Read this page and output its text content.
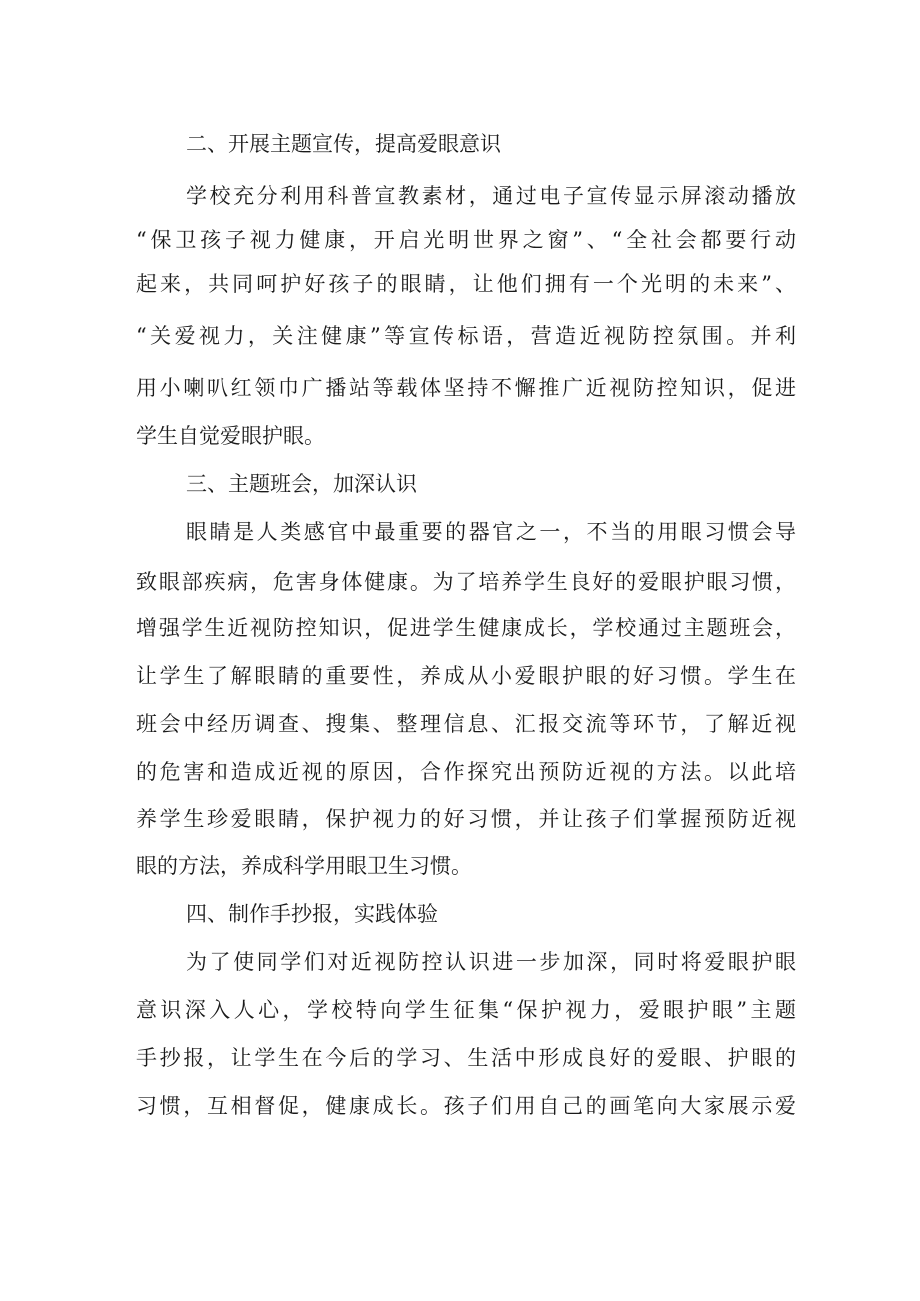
二、开展主题宣传，提高爱眼意识

学校充分利用科普宣教素材，通过电子宣传显示屏滚动播放

“保卫孩子视力健康，开启光明世界之窗”、“全社会都要行动

起来，共同呵护好孩子的眼睛，让他们拥有一个光明的未来”、

“关爱视力，关注健康”等宣传标语，营造近视防控氛围。并利

用小喇叭红领巾广播站等载体坚持不懈推广近视防控知识，促进

学生自觉爱眼护眼。

三、主题班会，加深认识

眼睛是人类感官中最重要的器官之一，不当的用眼习惯会导

致眼部疾病，危害身体健康。为了培养学生良好的爱眼护眼习惯，

增强学生近视防控知识，促进学生健康成长，学校通过主题班会，

让学生了解眼睛的重要性，养成从小爱眼护眼的好习惯。学生在

班会中经历调查、搜集、整理信息、汇报交流等环节，了解近视

的危害和造成近视的原因，合作探究出预防近视的方法。以此培

养学生珍爱眼睛，保护视力的好习惯，并让孩子们掌握预防近视

眼的方法，养成科学用眼卫生习惯。

四、制作手抄报，实践体验

为了使同学们对近视防控认识进一步加深，同时将爱眼护眼

意识深入人心，学校特向学生征集“保护视力，爱眼护眼”主题

手抄报，让学生在今后的学习、生活中形成良好的爱眼、护眼的

习惯，互相督促，健康成长。孩子们用自己的画笔向大家展示爱
